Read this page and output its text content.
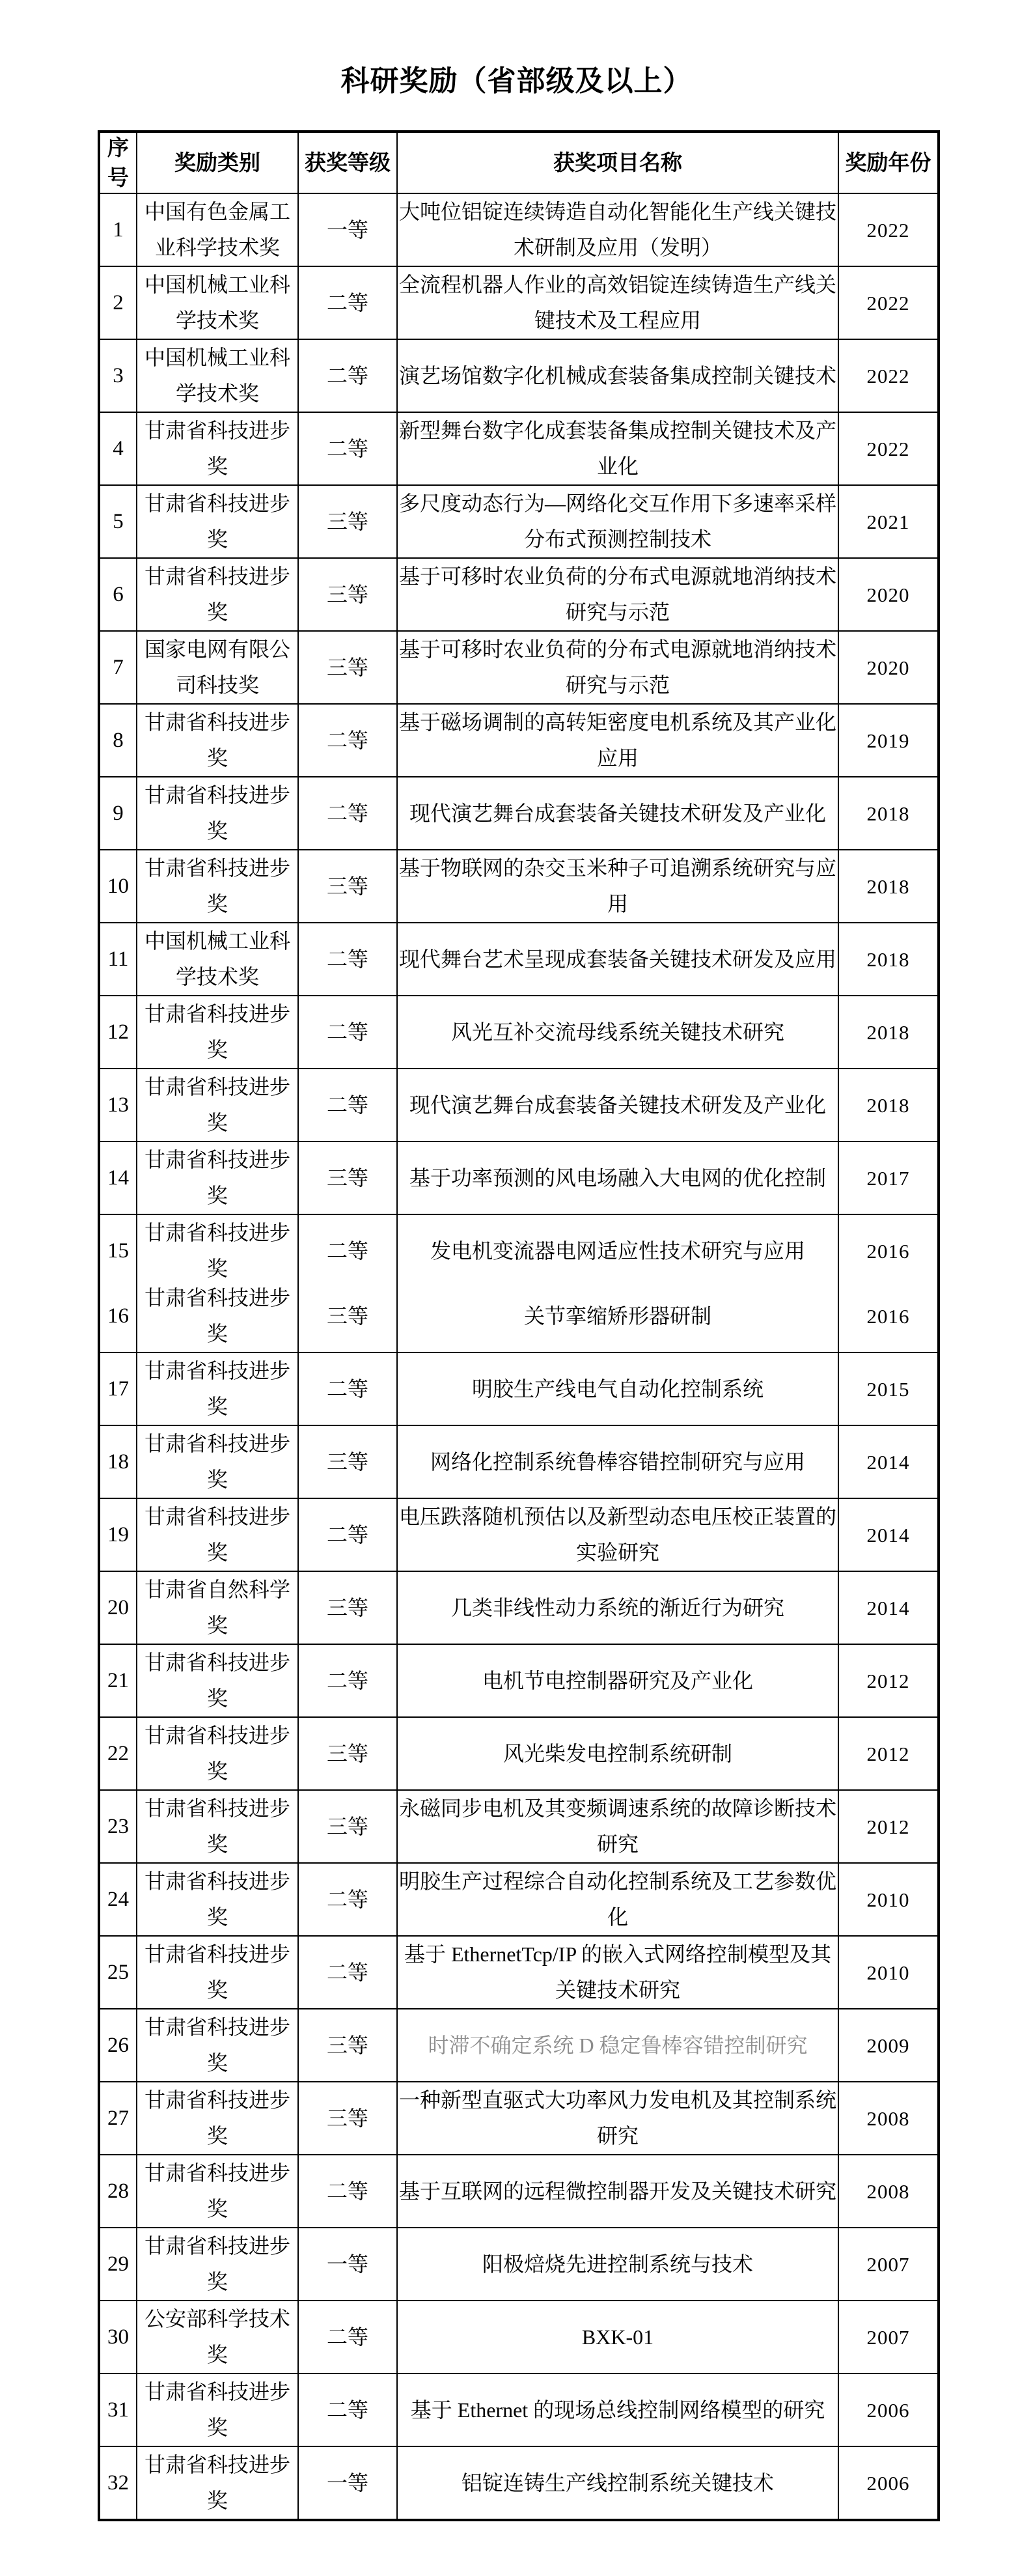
科研奖励（省部级及以上）
序号	奖励类别	获奖等级	获奖项目名称	奖励年份
1	中国有色金属工业科学技术奖	一等	大吨位铝锭连续铸造自动化智能化生产线关键技术研制及应用（发明）	2022
2	中国机械工业科学技术奖	二等	全流程机器人作业的高效铝锭连续铸造生产线关键技术及工程应用	2022
3	中国机械工业科学技术奖	二等	演艺场馆数字化机械成套装备集成控制关键技术	2022
4	甘肃省科技进步奖	二等	新型舞台数字化成套装备集成控制关键技术及产业化	2022
5	甘肃省科技进步奖	三等	多尺度动态行为—网络化交互作用下多速率采样分布式预测控制技术	2021
6	甘肃省科技进步奖	三等	基于可移时农业负荷的分布式电源就地消纳技术研究与示范	2020
7	国家电网有限公司科技奖	三等	基于可移时农业负荷的分布式电源就地消纳技术研究与示范	2020
8	甘肃省科技进步奖	二等	基于磁场调制的高转矩密度电机系统及其产业化应用	2019
9	甘肃省科技进步奖	二等	现代演艺舞台成套装备关键技术研发及产业化	2018
10	甘肃省科技进步奖	三等	基于物联网的杂交玉米种子可追溯系统研究与应用	2018
11	中国机械工业科学技术奖	二等	现代舞台艺术呈现成套装备关键技术研发及应用	2018
12	甘肃省科技进步奖	二等	风光互补交流母线系统关键技术研究	2018
13	甘肃省科技进步奖	二等	现代演艺舞台成套装备关键技术研发及产业化	2018
14	甘肃省科技进步奖	三等	基于功率预测的风电场融入大电网的优化控制	2017
15	甘肃省科技进步奖	二等	发电机变流器电网适应性技术研究与应用	2016
16	甘肃省科技进步奖	三等	关节挛缩矫形器研制	2016
17	甘肃省科技进步奖	二等	明胶生产线电气自动化控制系统	2015
18	甘肃省科技进步奖	三等	网络化控制系统鲁棒容错控制研究与应用	2014
19	甘肃省科技进步奖	二等	电压跌落随机预估以及新型动态电压校正装置的实验研究	2014
20	甘肃省自然科学奖	三等	几类非线性动力系统的渐近行为研究	2014
21	甘肃省科技进步奖	二等	电机节电控制器研究及产业化	2012
22	甘肃省科技进步奖	三等	风光柴发电控制系统研制	2012
23	甘肃省科技进步奖	三等	永磁同步电机及其变频调速系统的故障诊断技术研究	2012
24	甘肃省科技进步奖	二等	明胶生产过程综合自动化控制系统及工艺参数优化	2010
25	甘肃省科技进步奖	二等	基于 EthernetTcp/IP 的嵌入式网络控制模型及其关键技术研究	2010
26	甘肃省科技进步奖	三等	时滞不确定系统 D 稳定鲁棒容错控制研究	2009
27	甘肃省科技进步奖	三等	一种新型直驱式大功率风力发电机及其控制系统研究	2008
28	甘肃省科技进步奖	二等	基于互联网的远程微控制器开发及关键技术研究	2008
29	甘肃省科技进步奖	一等	阳极焙烧先进控制系统与技术	2007
30	公安部科学技术奖	二等	BXK-01	2007
31	甘肃省科技进步奖	二等	基于 Ethernet 的现场总线控制网络模型的研究	2006
32	甘肃省科技进步奖	一等	铝锭连铸生产线控制系统关键技术	2006
